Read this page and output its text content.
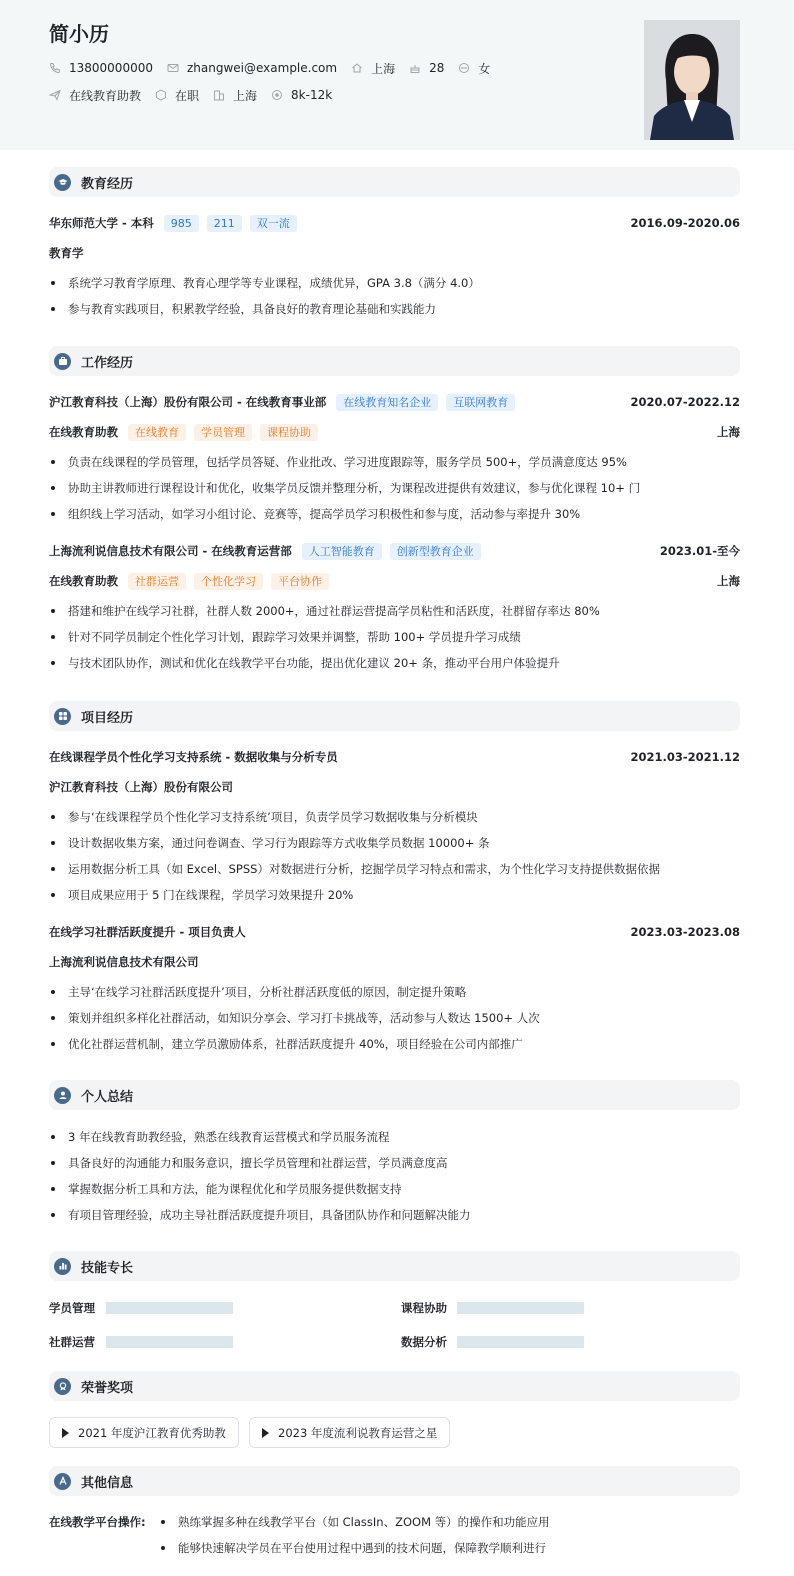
简小历
13800000000	zhangwei@example.com	上海	28	女
在线教育助教	在职	上海	8k-12k
教育经历
华东师范大学 - 本科	985	211	双一流	2016.09-2020.06
教育学
系统学习教育学原理、教育心理学等专业课程，成绩优异，GPA 3.8（满分 4.0）
参与教育实践项目，积累教学经验，具备良好的教育理论基础和实践能力
工作经历
沪江教育科技（上海）股份有限公司 - 在线教育事业部	在线教育知名企业	互联网教育	2020.07-2022.12
在线教育助教	在线教育	学员管理	课程协助	上海
负责在线课程的学员管理，包括学员答疑、作业批改、学习进度跟踪等，服务学员 500+，学员满意度达 95%
协助主讲教师进行课程设计和优化，收集学员反馈并整理分析，为课程改进提供有效建议，参与优化课程 10+ 门
组织线上学习活动，如学习小组讨论、竞赛等，提高学员学习积极性和参与度，活动参与率提升 30%
上海流利说信息技术有限公司 - 在线教育运营部	人工智能教育	创新型教育企业	2023.01-至今
在线教育助教	社群运营	个性化学习	平台协作	上海
搭建和维护在线学习社群，社群人数 2000+，通过社群运营提高学员粘性和活跃度，社群留存率达 80%
针对不同学员制定个性化学习计划，跟踪学习效果并调整，帮助 100+ 学员提升学习成绩
与技术团队协作，测试和优化在线教学平台功能，提出优化建议 20+ 条，推动平台用户体验提升
项目经历
在线课程学员个性化学习支持系统 - 数据收集与分析专员	2021.03-2021.12
沪江教育科技（上海）股份有限公司
参与‘在线课程学员个性化学习支持系统’项目，负责学员学习数据收集与分析模块
设计数据收集方案，通过问卷调查、学习行为跟踪等方式收集学员数据 10000+ 条
运用数据分析工具（如 Excel、SPSS）对数据进行分析，挖掘学员学习特点和需求，为个性化学习支持提供数据依据
项目成果应用于 5 门在线课程，学员学习效果提升 20%
在线学习社群活跃度提升 - 项目负责人	2023.03-2023.08
上海流利说信息技术有限公司
主导‘在线学习社群活跃度提升’项目，分析社群活跃度低的原因，制定提升策略
策划并组织多样化社群活动，如知识分享会、学习打卡挑战等，活动参与人数达 1500+ 人次
优化社群运营机制，建立学员激励体系，社群活跃度提升 40%，项目经验在公司内部推广
个人总结
3 年在线教育助教经验，熟悉在线教育运营模式和学员服务流程
具备良好的沟通能力和服务意识，擅长学员管理和社群运营，学员满意度高
掌握数据分析工具和方法，能为课程优化和学员服务提供数据支持
有项目管理经验，成功主导社群活跃度提升项目，具备团队协作和问题解决能力
技能专长
学员管理	课程协助
社群运营	数据分析
荣誉奖项
2021 年度沪江教育优秀助教	2023 年度流利说教育运营之星
其他信息
在线教学平台操作:	熟练掌握多种在线教学平台（如 ClassIn、ZOOM 等）的操作和功能应用
能够快速解决学员在平台使用过程中遇到的技术问题，保障教学顺利进行
